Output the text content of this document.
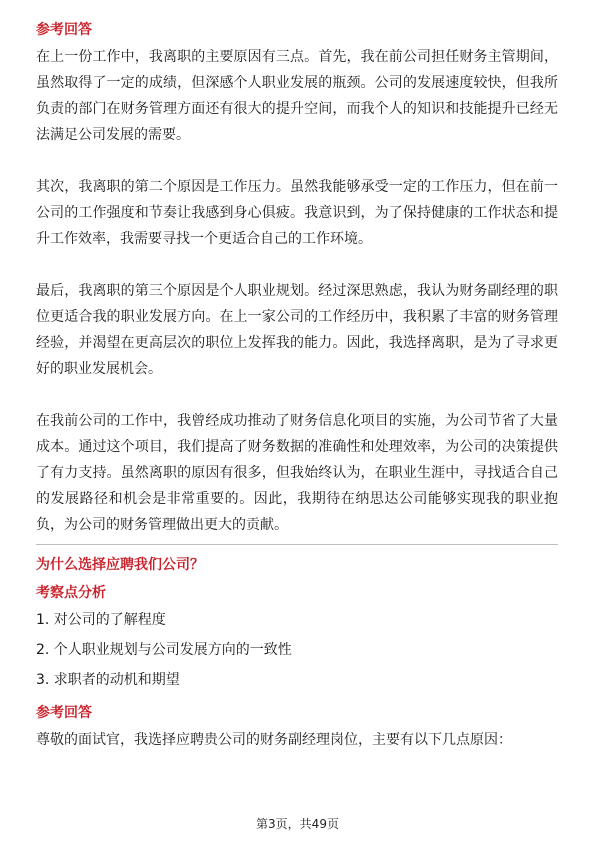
参考回答

在上一份工作中，我离职的主要原因有三点。首先，我在前公司担任财务主管期间，虽然取得了一定的成绩，但深感个人职业发展的瓶颈。公司的发展速度较快，但我所负责的部门在财务管理方面还有很大的提升空间，而我个人的知识和技能提升已经无法满足公司发展的需要。

其次，我离职的第二个原因是工作压力。虽然我能够承受一定的工作压力，但在前一公司的工作强度和节奏让我感到身心俱疲。我意识到，为了保持健康的工作状态和提升工作效率，我需要寻找一个更适合自己的工作环境。

最后，我离职的第三个原因是个人职业规划。经过深思熟虑，我认为财务副经理的职位更适合我的职业发展方向。在上一家公司的工作经历中，我积累了丰富的财务管理经验，并渴望在更高层次的职位上发挥我的能力。因此，我选择离职，是为了寻求更好的职业发展机会。

在我前公司的工作中，我曾经成功推动了财务信息化项目的实施，为公司节省了大量成本。通过这个项目，我们提高了财务数据的准确性和处理效率，为公司的决策提供了有力支持。虽然离职的原因有很多，但我始终认为，在职业生涯中，寻找适合自己的发展路径和机会是非常重要的。因此，我期待在纳思达公司能够实现我的职业抱负，为公司的财务管理做出更大的贡献。

为什么选择应聘我们公司？

考察点分析

1. 对公司的了解程度

2. 个人职业规划与公司发展方向的一致性

3. 求职者的动机和期望

参考回答

尊敬的面试官，我选择应聘贵公司的财务副经理岗位，主要有以下几点原因：

第3页，共49页
